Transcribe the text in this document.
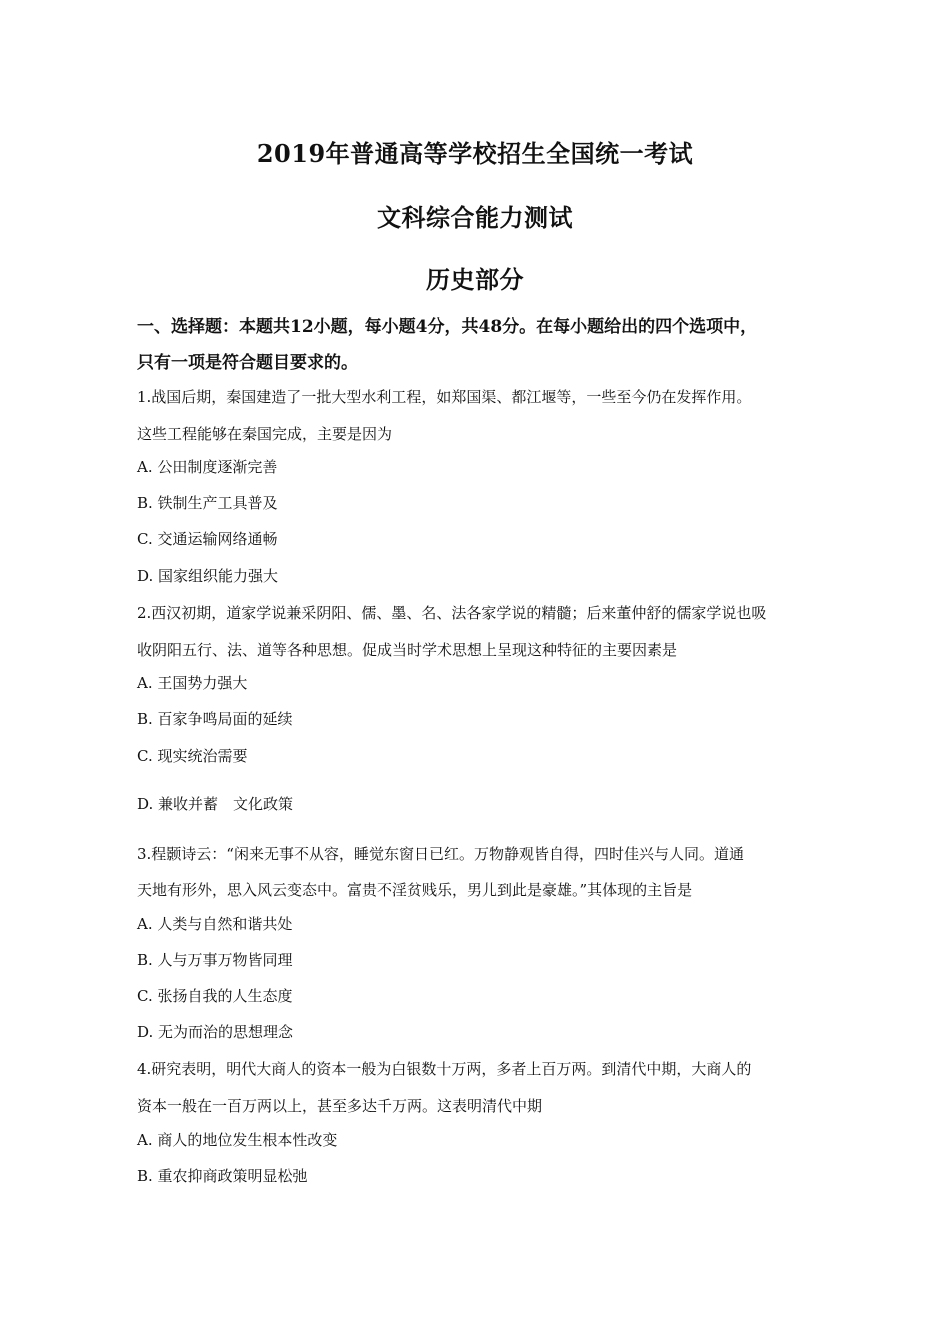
2019年普通高等学校招生全国统一考试
文科综合能力测试
历史部分
一、选择题：本题共12小题，每小题4分，共48分。在每小题给出的四个选项中，
只有一项是符合题目要求的。
1.战国后期，秦国建造了一批大型水利工程，如郑国渠、都江堰等，一些至今仍在发挥作用。
这些工程能够在秦国完成，主要是因为
A. 公田制度逐渐完善
B. 铁制生产工具普及
C. 交通运输网络通畅
D. 国家组织能力强大
2.西汉初期，道家学说兼采阴阳、儒、墨、名、法各家学说的精髓；后来董仲舒的儒家学说也吸
收阴阳五行、法、道等各种思想。促成当时学术思想上呈现这种特征的主要因素是
A. 王国势力强大
B. 百家争鸣局面的延续
C. 现实统治需要
D. 兼收并蓄　文化政策
3.程颢诗云：“闲来无事不从容，睡觉东窗日已红。万物静观皆自得，四时佳兴与人同。道通
天地有形外，思入风云变态中。富贵不淫贫贱乐，男儿到此是豪雄。”其体现的主旨是
A. 人类与自然和谐共处
B. 人与万事万物皆同理
C. 张扬自我的人生态度
D. 无为而治的思想理念
4.研究表明，明代大商人的资本一般为白银数十万两，多者上百万两。到清代中期，大商人的
资本一般在一百万两以上，甚至多达千万两。这表明清代中期
A. 商人的地位发生根本性改变
B. 重农抑商政策明显松弛
